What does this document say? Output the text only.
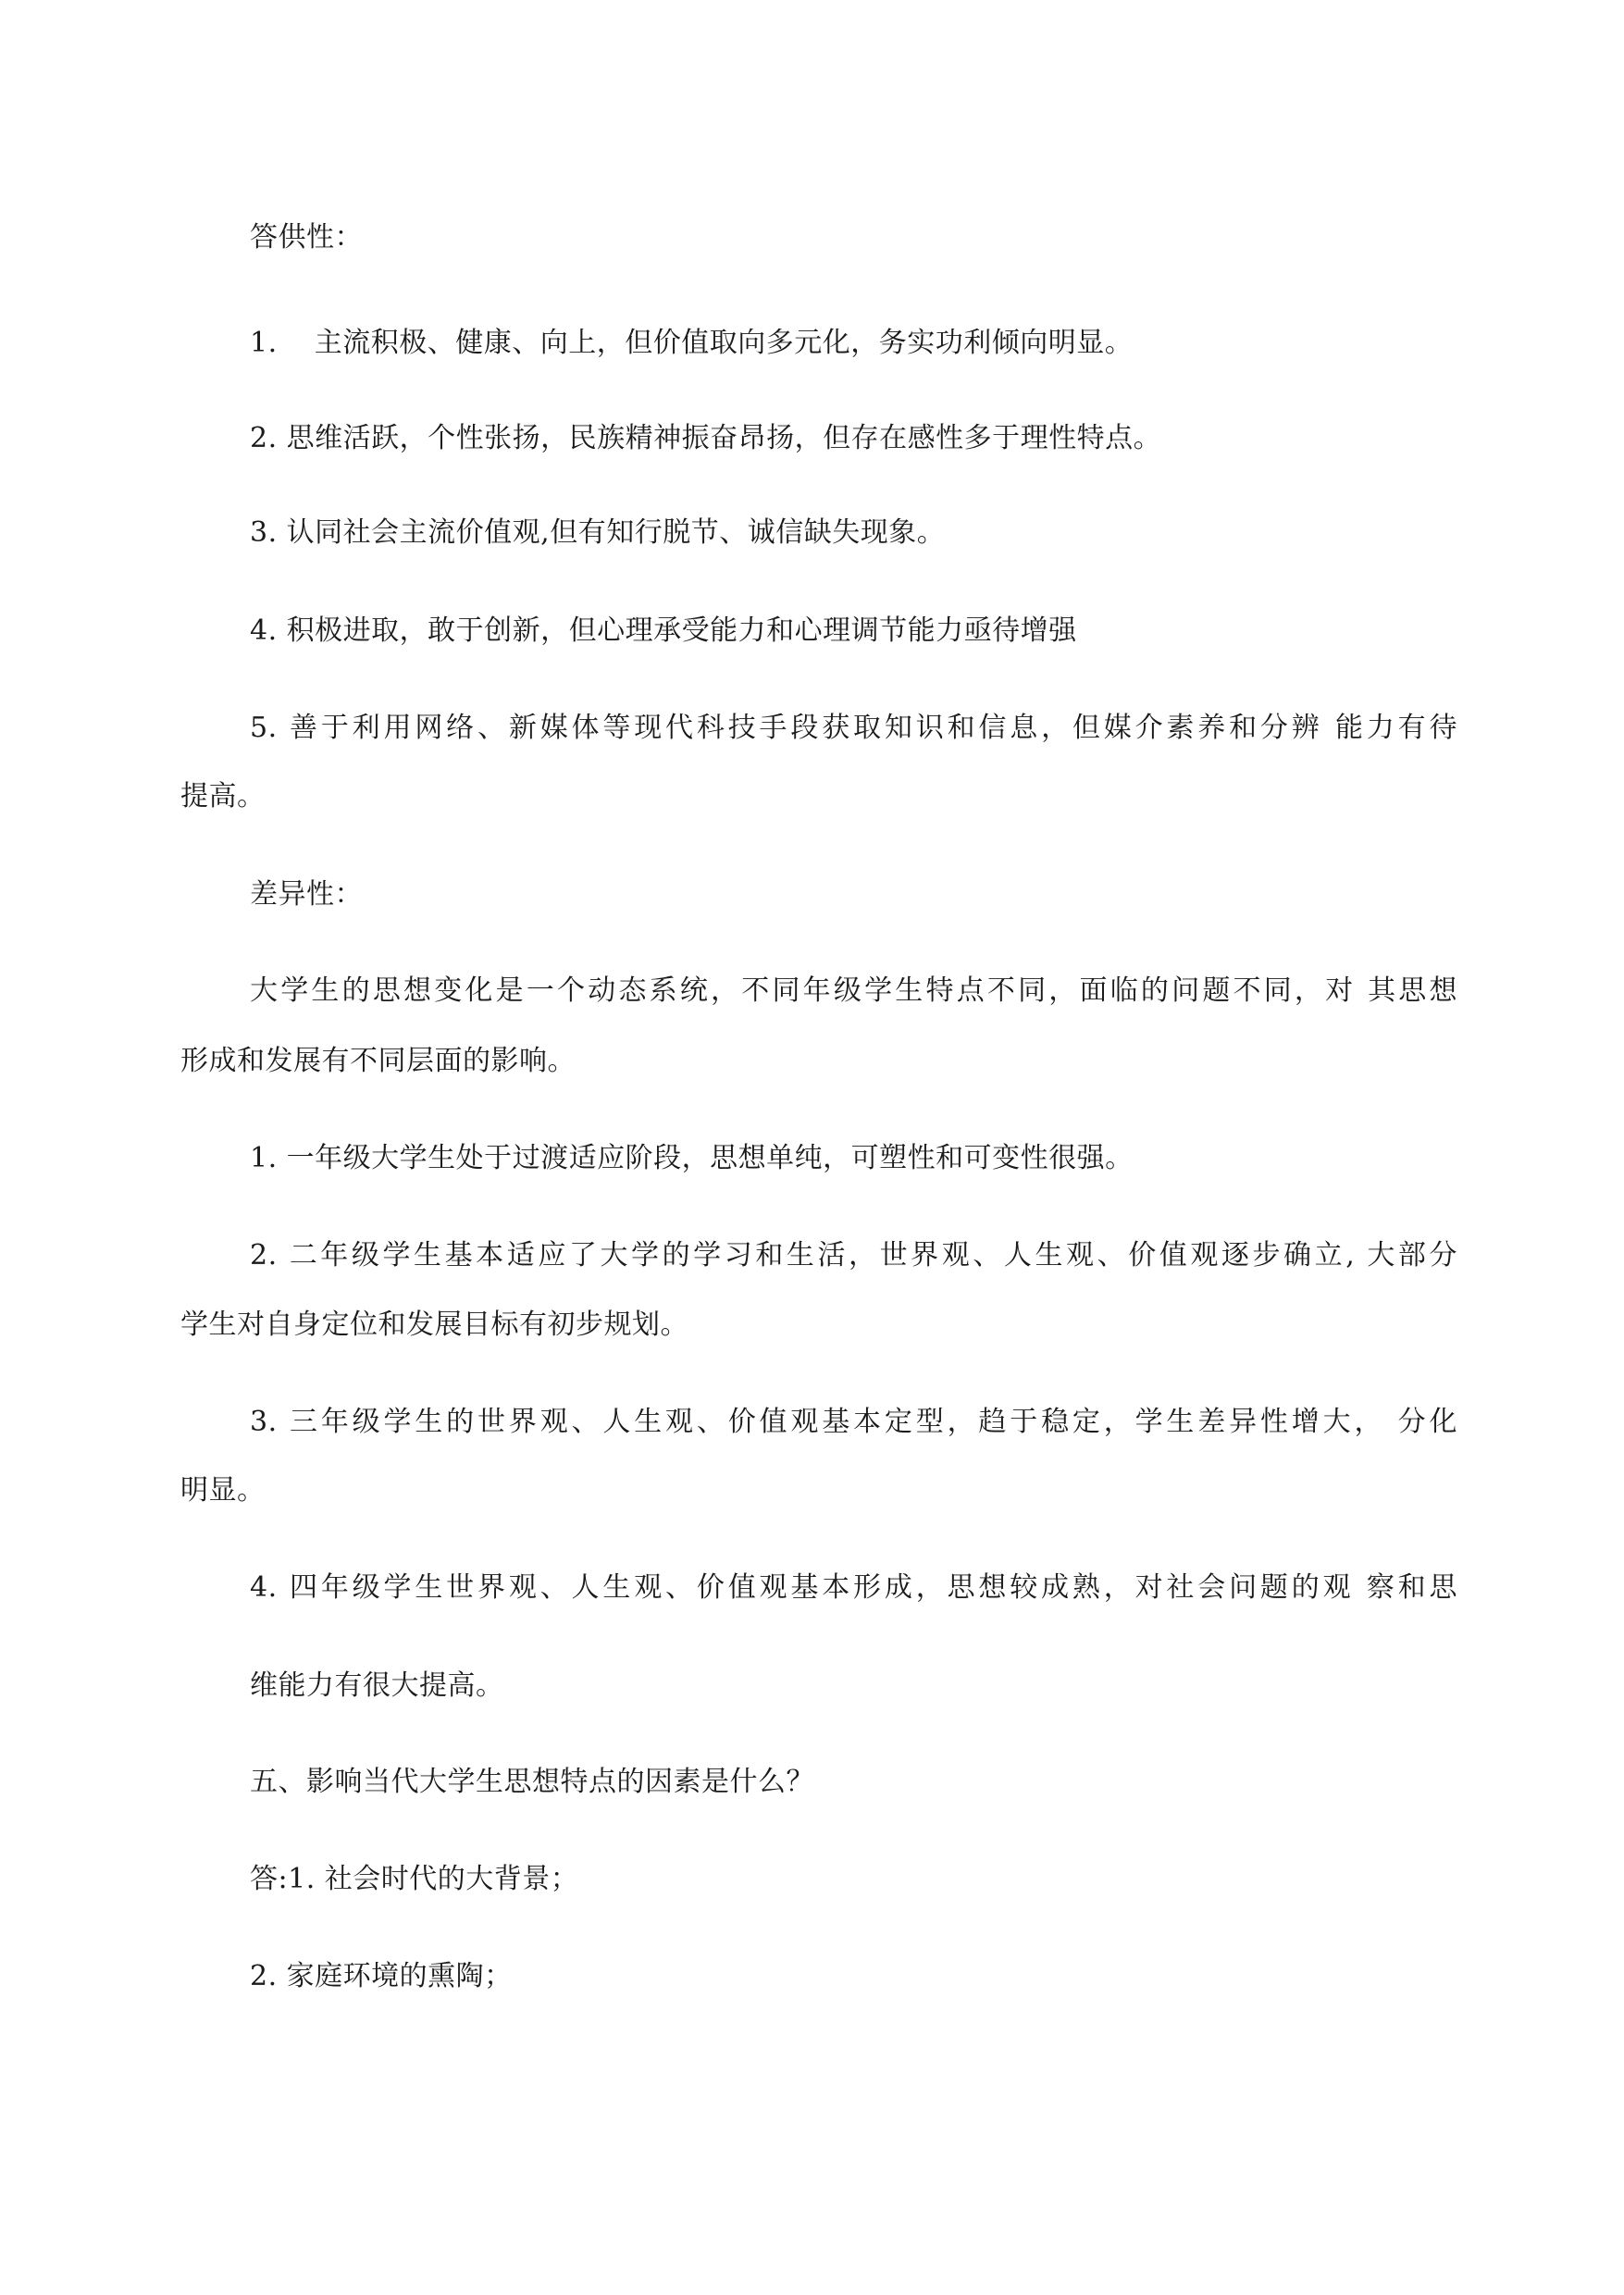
答供性：
1.    主流积极、健康、向上，但价值取向多元化，务实功利倾向明显。
2. 思维活跃，个性张扬，民族精神振奋昂扬，但存在感性多于理性特点。
3. 认同社会主流价值观,但有知行脱节、诚信缺失现象。
4. 积极进取，敢于创新，但心理承受能力和心理调节能力亟待增强
5. 善于利用网络、新媒体等现代科技手段获取知识和信息，但媒介素养和分辨 能力有待
提高。
差异性：
大学生的思想变化是一个动态系统，不同年级学生特点不同，面临的问题不同，对 其思想
形成和发展有不同层面的影响。
1. 一年级大学生处于过渡适应阶段，思想单纯，可塑性和可变性很强。
2. 二年级学生基本适应了大学的学习和生活，世界观、人生观、价值观逐步确立, 大部分
学生对自身定位和发展目标有初步规划。
3. 三年级学生的世界观、人生观、价值观基本定型，趋于稳定，学生差异性增大， 分化
明显。
4. 四年级学生世界观、人生观、价值观基本形成，思想较成熟，对社会问题的观 察和思
维能力有很大提高。
五、影响当代大学生思想特点的因素是什么？
答:1. 社会时代的大背景；
2. 家庭环境的熏陶；
